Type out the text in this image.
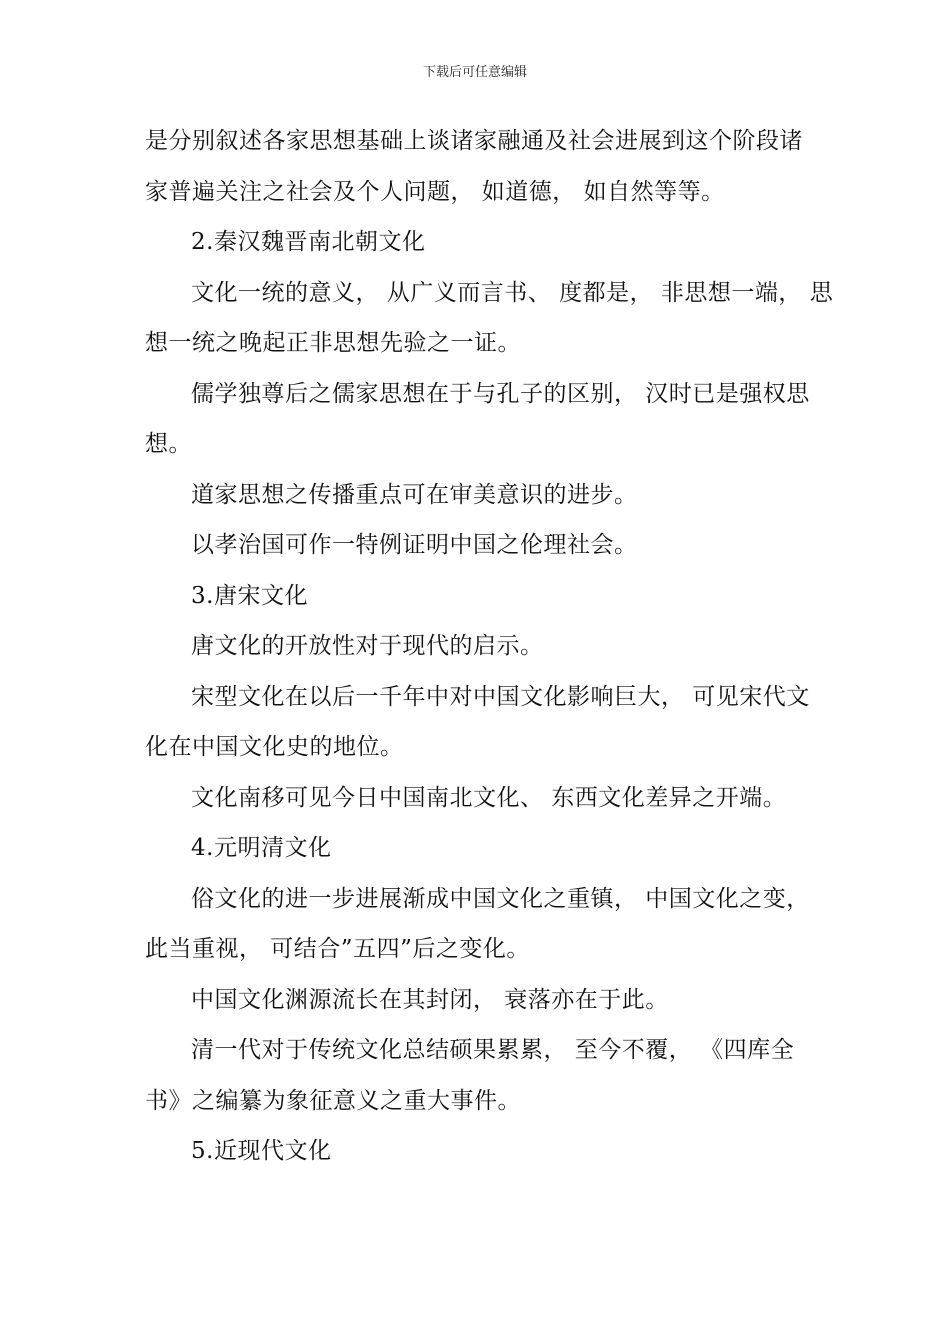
下载后可任意编辑
是分别叙述各家思想基础上谈诸家融通及社会进展到这个阶段诸
家普遍关注之社会及个人问题， 如道德， 如自然等等。
2.秦汉魏晋南北朝文化
文化一统的意义， 从广义而言书、 度都是， 非思想一端， 思
想一统之晚起正非思想先验之一证。
儒学独尊后之儒家思想在于与孔子的区别， 汉时已是强权思
想。
道家思想之传播重点可在审美意识的进步。
以孝治国可作一特例证明中国之伦理社会。
3.唐宋文化
唐文化的开放性对于现代的启示。
宋型文化在以后一千年中对中国文化影响巨大， 可见宋代文
化在中国文化史的地位。
文化南移可见今日中国南北文化、 东西文化差异之开端。
4.元明清文化
俗文化的进一步进展渐成中国文化之重镇， 中国文化之变，
此当重视， 可结合”五四”后之变化。
中国文化渊源流长在其封闭， 衰落亦在于此。
清一代对于传统文化总结硕果累累， 至今不覆， 《四库全
书》之编纂为象征意义之重大事件。
5.近现代文化
